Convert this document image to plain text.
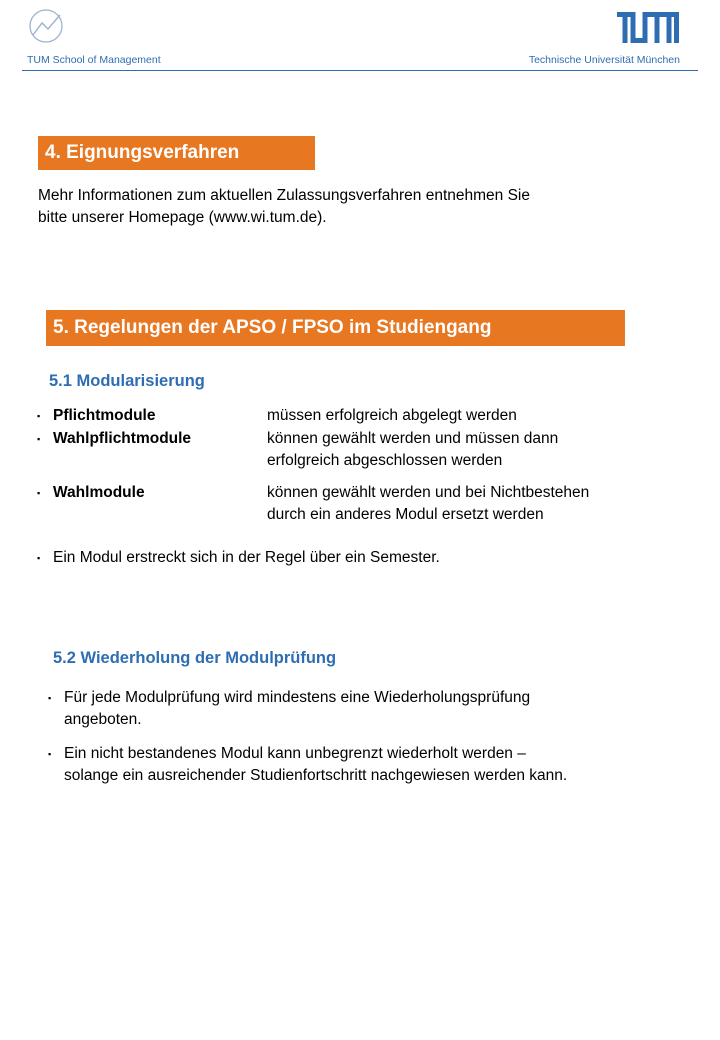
TUM School of Management	Technische Universität München
4. Eignungsverfahren
Mehr Informationen zum aktuellen Zulassungsverfahren entnehmen Sie
bitte unserer Homepage (www.wi.tum.de).
5. Regelungen der APSO / FPSO im Studiengang
5.1 Modularisierung
▪ Pflichtmodule	müssen erfolgreich abgelegt werden
▪ Wahlpflichtmodule	können gewählt werden und müssen dann
erfolgreich abgeschlossen werden
▪ Wahlmodule	können gewählt werden und bei Nichtbestehen
durch ein anderes Modul ersetzt werden
▪ Ein Modul erstreckt sich in der Regel über ein Semester.
5.2 Wiederholung der Modulprüfung
▪ Für jede Modulprüfung wird mindestens eine Wiederholungsprüfung
angeboten.
▪ Ein nicht bestandenes Modul kann unbegrenzt wiederholt werden –
solange ein ausreichender Studienfortschritt nachgewiesen werden kann.
